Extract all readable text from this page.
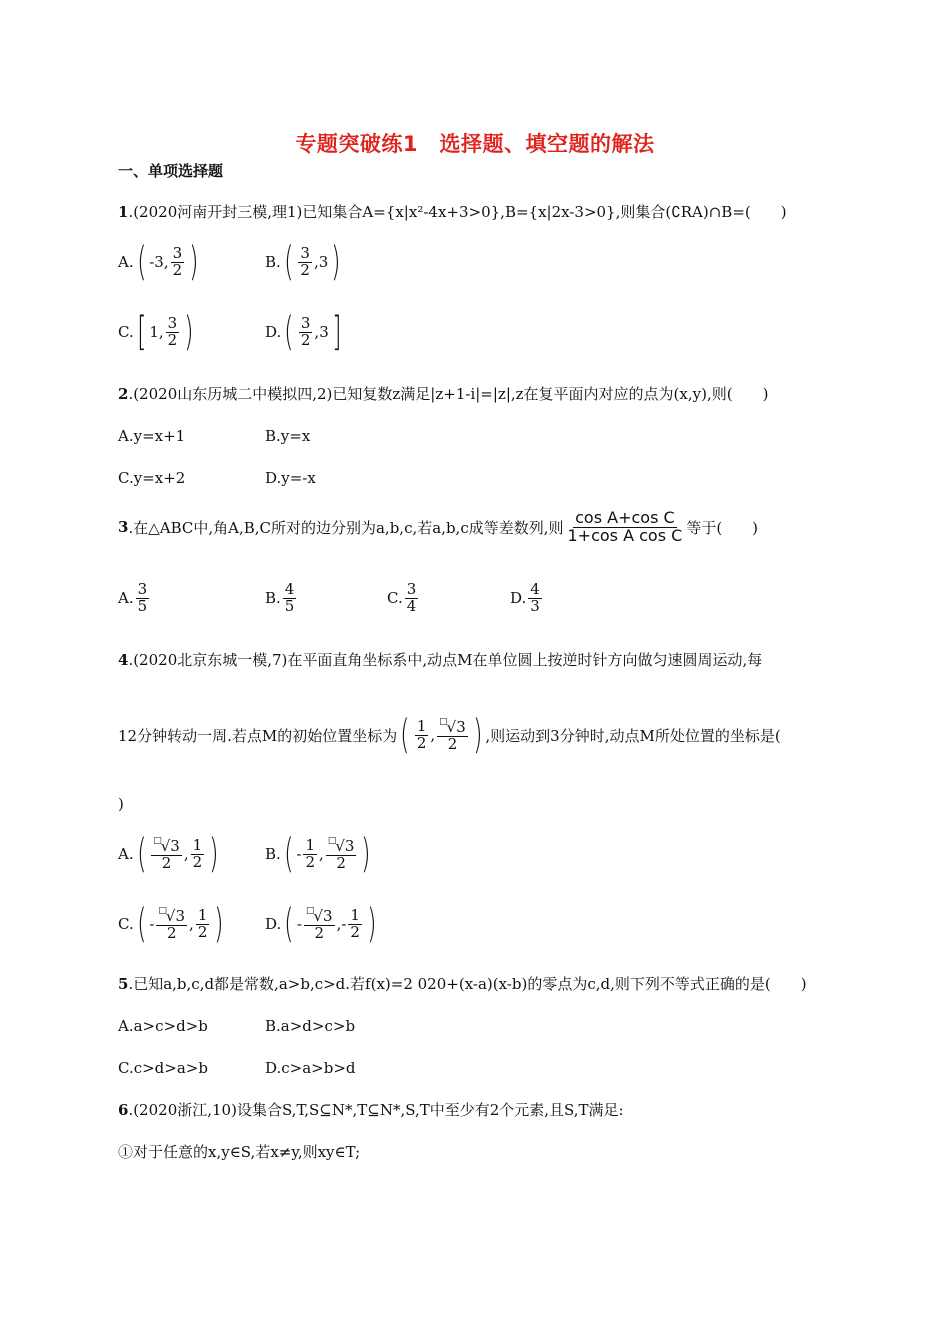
专题突破练1　选择题、填空题的解法
一、单项选择题
1.(2020河南开封三模,理1)已知集合A={x|x²-4x+3>0},B={x|2x-3>0},则集合(∁RA)∩B=(　　)
A. ( -3, $\frac{3}{2}$ )	B. ( $\frac{3}{2} ,3$ )
C. [ 1, $\frac{3}{2}$ )	D. ( $\frac{3}{2} ,3$ ]
2.(2020山东历城二中模拟四,2)已知复数z满足|z+1-i|=|z|,z在复平面内对应的点为(x,y),则(　　)
A.y=x+1	B.y=x
C.y=x+2	D.y=-x
3 .在△ABC中,角A,B,C所对的边分别为a,b,c,若a,b,c成等差数列,则 $\frac{\text{cos A+cos C}}{\text{1+cos A cos C}}$ 等于(　　)
A. $\frac{3}{5}$	B. $\frac{4}{5}$	C. $\frac{3}{4}$	D. $\frac{4}{3}$
4.(2020北京东城一模,7)在平面直角坐标系中,动点M在单位圆上按逆时针方向做匀速圆周运动,每
12分钟转动一周.若点M的初始位置坐标为 ( $\frac{1}{2}$ , $\frac{^□√3}{2}$ ) ,则运动到3分钟时,动点M所处位置的坐标是(
)
A. ( $\frac{^□√3}{2}$ , $\frac{1}{2}$ )	B. ( - $\frac{1}{2}$ , $\frac{^□√3}{2}$ )
C. ( - $\frac{^□√3}{2}$ , $\frac{1}{2}$ )	D. ( - $\frac{^□√3}{2}$ ,- $\frac{1}{2}$ )
5.已知a,b,c,d都是常数,a>b,c>d.若f(x)=2 020+(x-a)(x-b)的零点为c,d,则下列不等式正确的是(　　)
A.a>c>d>b	B.a>d>c>b
C.c>d>a>b	D.c>a>b>d
6.(2020浙江,10)设集合S,T,S⊆N*,T⊆N*,S,T中至少有2个元素,且S,T满足:
①对于任意的x,y∈S,若x≠y,则xy∈T;
